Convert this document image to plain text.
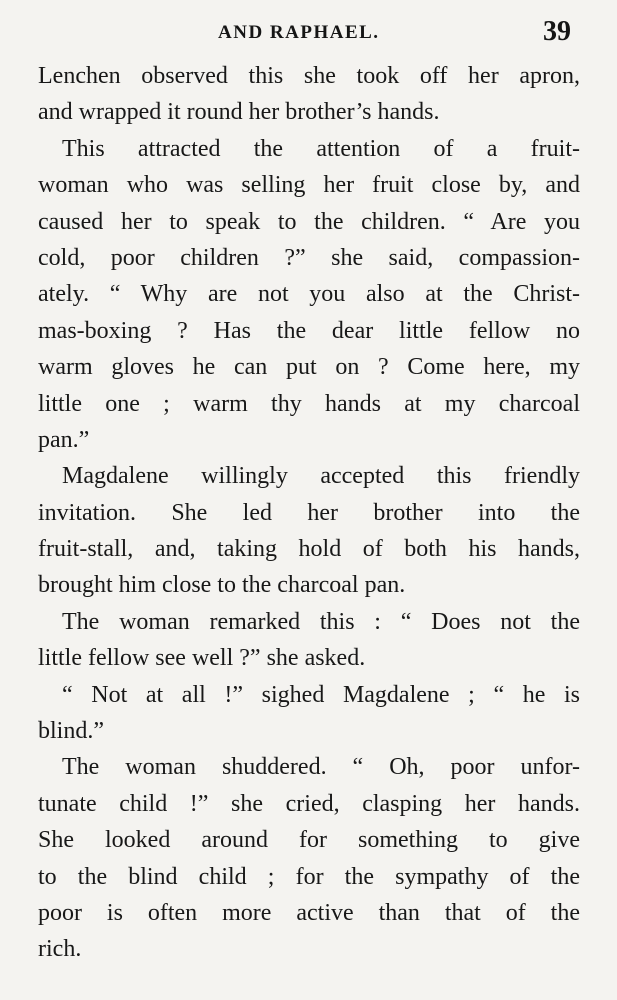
AND RAPHAEL.	39
Lenchen observed this she took off her apron,
and wrapped it round her brother’s hands.
This attracted the attention of a fruit-
woman who was selling her fruit close by, and
caused her to speak to the children. “ Are you
cold, poor children ?” she said, compassion-
ately. “ Why are not you also at the Christ-
mas-boxing ? Has the dear little fellow no
warm gloves he can put on ? Come here, my
little one ; warm thy hands at my charcoal
pan.”
Magdalene willingly accepted this friendly
invitation. She led her brother into the
fruit-stall, and, taking hold of both his hands,
brought him close to the charcoal pan.
The woman remarked this : “ Does not the
little fellow see well ?” she asked.
“ Not at all !” sighed Magdalene ; “ he is
blind.”
The woman shuddered. “ Oh, poor unfor-
tunate child !” she cried, clasping her hands.
She looked around for something to give
to the blind child ; for the sympathy of the
poor is often more active than that of the
rich.
